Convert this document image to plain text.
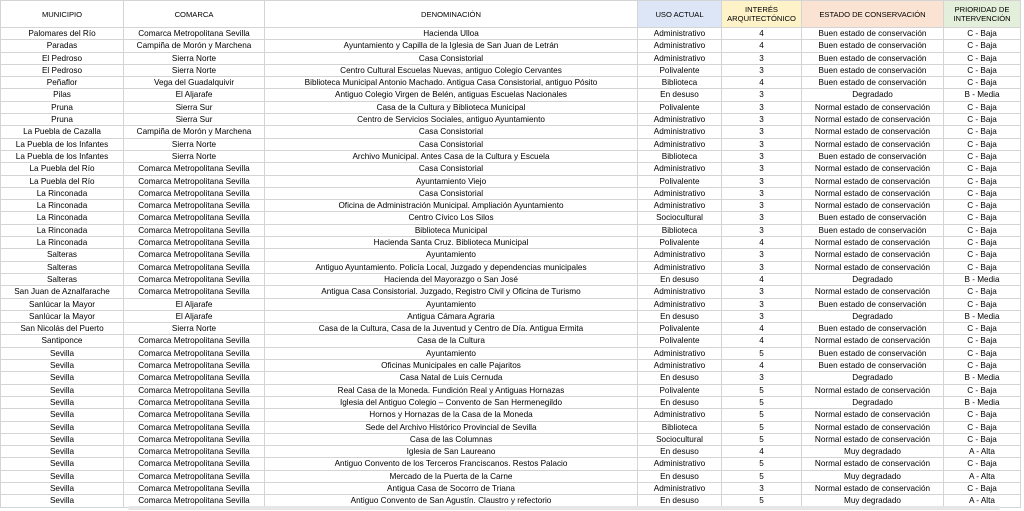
MUNICIPIO	COMARCA	DENOMINACIÓN	USO ACTUAL	INTERÉS ARQUITECTÓNICO	ESTADO DE CONSERVACIÓN	PRIORIDAD DE INTERVENCIÓN
Palomares del Río	Comarca Metropolitana Sevilla	Hacienda Ulloa	Administrativo	4	Buen estado de conservación	C - Baja
Paradas	Campiña de Morón y Marchena	Ayuntamiento y Capilla de la Iglesia de San Juan de Letrán	Administrativo	4	Buen estado de conservación	C - Baja
El Pedroso	Sierra Norte	Casa Consistorial	Administrativo	3	Buen estado de conservación	C - Baja
El Pedroso	Sierra Norte	Centro Cultural Escuelas Nuevas, antiguo Colegio Cervantes	Polivalente	3	Buen estado de conservación	C - Baja
Peñaflor	Vega del Guadalquivir	Biblioteca Municipal Antonio Machado. Antigua Casa Consistorial, antiguo Pósito	Biblioteca	4	Buen estado de conservación	C - Baja
Pilas	El Aljarafe	Antiguo Colegio Virgen de Belén, antiguas Escuelas Nacionales	En desuso	3	Degradado	B - Media
Pruna	Sierra Sur	Casa de la Cultura y Biblioteca Municipal	Polivalente	3	Normal estado de conservación	C - Baja
Pruna	Sierra Sur	Centro de Servicios Sociales, antiguo Ayuntamiento	Administrativo	3	Normal estado de conservación	C - Baja
La Puebla de Cazalla	Campiña de Morón y Marchena	Casa Consistorial	Administrativo	3	Normal estado de conservación	C - Baja
La Puebla de los Infantes	Sierra Norte	Casa Consistorial	Administrativo	3	Normal estado de conservación	C - Baja
La Puebla de los Infantes	Sierra Norte	Archivo Municipal. Antes Casa de la Cultura y Escuela	Biblioteca	3	Buen estado de conservación	C - Baja
La Puebla del Río	Comarca Metropolitana Sevilla	Casa Consistorial	Administrativo	3	Normal estado de conservación	C - Baja
La Puebla del Río	Comarca Metropolitana Sevilla	Ayuntamiento Viejo	Polivalente	3	Normal estado de conservación	C - Baja
La Rinconada	Comarca Metropolitana Sevilla	Casa Consistorial	Administrativo	3	Normal estado de conservación	C - Baja
La Rinconada	Comarca Metropolitana Sevilla	Oficina de Administración Municipal. Ampliación Ayuntamiento	Administrativo	3	Normal estado de conservación	C - Baja
La Rinconada	Comarca Metropolitana Sevilla	Centro Cívico Los Silos	Sociocultural	3	Buen estado de conservación	C - Baja
La Rinconada	Comarca Metropolitana Sevilla	Biblioteca Municipal	Biblioteca	3	Buen estado de conservación	C - Baja
La Rinconada	Comarca Metropolitana Sevilla	Hacienda Santa Cruz. Biblioteca Municipal	Polivalente	4	Normal estado de conservación	C - Baja
Salteras	Comarca Metropolitana Sevilla	Ayuntamiento	Administrativo	3	Normal estado de conservación	C - Baja
Salteras	Comarca Metropolitana Sevilla	Antiguo Ayuntamiento. Policía Local, Juzgado y dependencias municipales	Administrativo	3	Normal estado de conservación	C - Baja
Salteras	Comarca Metropolitana Sevilla	Hacienda del Mayorazgo o San José	En desuso	4	Degradado	B - Media
San Juan de Aznalfarache	Comarca Metropolitana Sevilla	Antigua Casa Consistorial. Juzgado, Registro Civil y Oficina de Turismo	Administrativo	3	Normal estado de conservación	C - Baja
Sanlúcar la Mayor	El Aljarafe	Ayuntamiento	Administrativo	3	Buen estado de conservación	C - Baja
Sanlúcar la Mayor	El Aljarafe	Antigua Cámara Agraria	En desuso	3	Degradado	B - Media
San Nicolás del Puerto	Sierra Norte	Casa de la Cultura, Casa de la Juventud y Centro de Día. Antigua Ermita	Polivalente	4	Buen estado de conservación	C - Baja
Santiponce	Comarca Metropolitana Sevilla	Casa de la Cultura	Polivalente	4	Normal estado de conservación	C - Baja
Sevilla	Comarca Metropolitana Sevilla	Ayuntamiento	Administrativo	5	Buen estado de conservación	C - Baja
Sevilla	Comarca Metropolitana Sevilla	Oficinas Municipales en calle Pajaritos	Administrativo	4	Buen estado de conservación	C - Baja
Sevilla	Comarca Metropolitana Sevilla	Casa Natal de Luis Cernuda	En desuso	3	Degradado	B - Media
Sevilla	Comarca Metropolitana Sevilla	Real Casa de la Moneda. Fundición Real y Antiguas Hornazas	Polivalente	5	Normal estado de conservación	C - Baja
Sevilla	Comarca Metropolitana Sevilla	Iglesia del Antiguo Colegio – Convento de San Hermenegildo	En desuso	5	Degradado	B - Media
Sevilla	Comarca Metropolitana Sevilla	Hornos y Hornazas de la Casa de la Moneda	Administrativo	5	Normal estado de conservación	C - Baja
Sevilla	Comarca Metropolitana Sevilla	Sede del Archivo Histórico Provincial de Sevilla	Biblioteca	5	Normal estado de conservación	C - Baja
Sevilla	Comarca Metropolitana Sevilla	Casa de las Columnas	Sociocultural	5	Normal estado de conservación	C - Baja
Sevilla	Comarca Metropolitana Sevilla	Iglesia de San Laureano	En desuso	4	Muy degradado	A - Alta
Sevilla	Comarca Metropolitana Sevilla	Antiguo Convento de los Terceros Franciscanos. Restos Palacio	Administrativo	5	Normal estado de conservación	C - Baja
Sevilla	Comarca Metropolitana Sevilla	Mercado de la Puerta de la Carne	En desuso	5	Muy degradado	A - Alta
Sevilla	Comarca Metropolitana Sevilla	Antigua Casa de Socorro de Triana	Administrativo	3	Normal estado de conservación	C - Baja
Sevilla	Comarca Metropolitana Sevilla	Antiguo Convento de San Agustín. Claustro y refectorio	En desuso	5	Muy degradado	A - Alta
